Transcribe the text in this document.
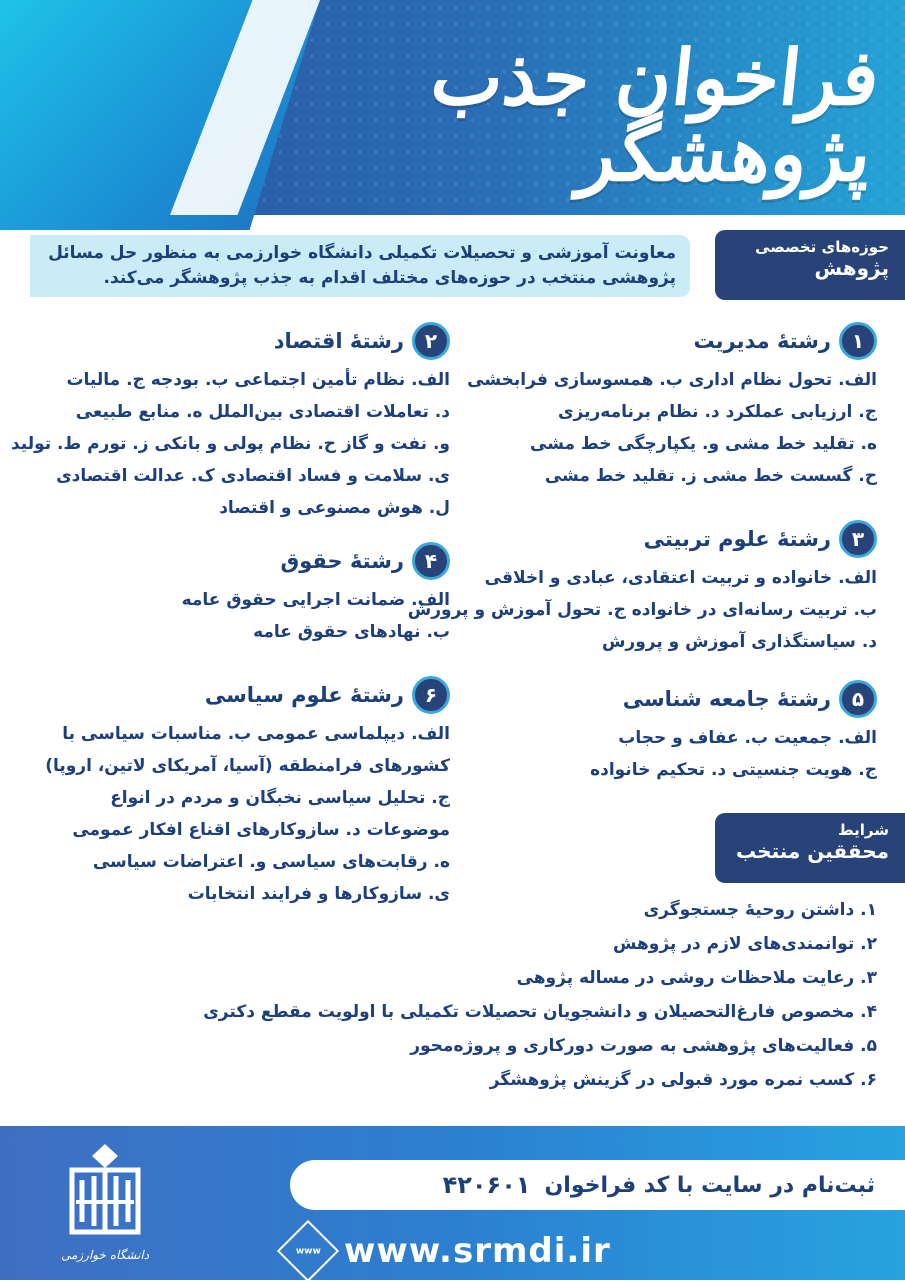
فراخوان جذب پژوهشگر
حوزه‌های تخصصی
پژوهش
معاونت آموزشی و تحصیلات تکمیلی دانشگاه خوارزمی به منظور حل مسائل پژوهشی منتخب در حوزه‌های مختلف اقدام به جذب پژوهشگر می‌کند.
۱
رشتهٔ مدیریت
الف. تحول نظام اداری ب. همسوسازی فرابخشی
ج. ارزیابی عملکرد د. نظام برنامه‌ریزی
ه. تقلید خط مشی و. یکپارچگی خط مشی
ح. گسست خط مشی ز. تقلید خط مشی
۲
رشتهٔ اقتصاد
الف. نظام تأمین اجتماعی ب. بودجه ج. مالیات
د. تعاملات اقتصادی بین‌الملل ه. منابع طبیعی
و. نفت و گاز ح. نظام پولی و بانکی ز. تورم ط. تولید
ی. سلامت و فساد اقتصادی ک. عدالت اقتصادی
ل. هوش مصنوعی و اقتصاد
۳
رشتهٔ علوم تربیتی
الف. خانواده و تربیت اعتقادی، عبادی و اخلاقی
ب. تربیت رسانه‌ای در خانواده ج. تحول آموزش و پرورش
د. سیاستگذاری آموزش و پرورش
۴
رشتهٔ حقوق
الف. ضمانت اجرایی حقوق عامه
ب. نهادهای حقوق عامه
۵
رشتهٔ جامعه شناسی
الف. جمعیت ب. عفاف و حجاب
ج. هویت جنسیتی د. تحکیم خانواده
۶
رشتهٔ علوم سیاسی
الف. دیپلماسی عمومی ب. مناسبات سیاسی با
کشورهای فرامنطقه (آسیا، آمریکای لاتین، اروپا)
ج. تحلیل سیاسی نخبگان و مردم در انواع
موضوعات د. سازوکارهای اقناع افکار عمومی
ه. رقابت‌های سیاسی و. اعتراضات سیاسی
ی. سازوکارها و فرایند انتخابات
شرایط
محققین منتخب
۱. داشتن روحیهٔ جستجوگری
۲. توانمندی‌های لازم در پژوهش
۳. رعایت ملاحظات روشی در مساله پژوهی
۴. مخصوص فارغ‌التحصیلان و دانشجویان تحصیلات تکمیلی با اولویت مقطع دکتری
۵. فعالیت‌های پژوهشی به صورت دورکاری و پروژه‌محور
۶. کسب نمره مورد قبولی در گزینش پژوهشگر
دانشگاه خوارزمی
ثبت‌نام در سایت با کد فراخوان
۴۲۰۶۰۱
www www.srmdi.ir
